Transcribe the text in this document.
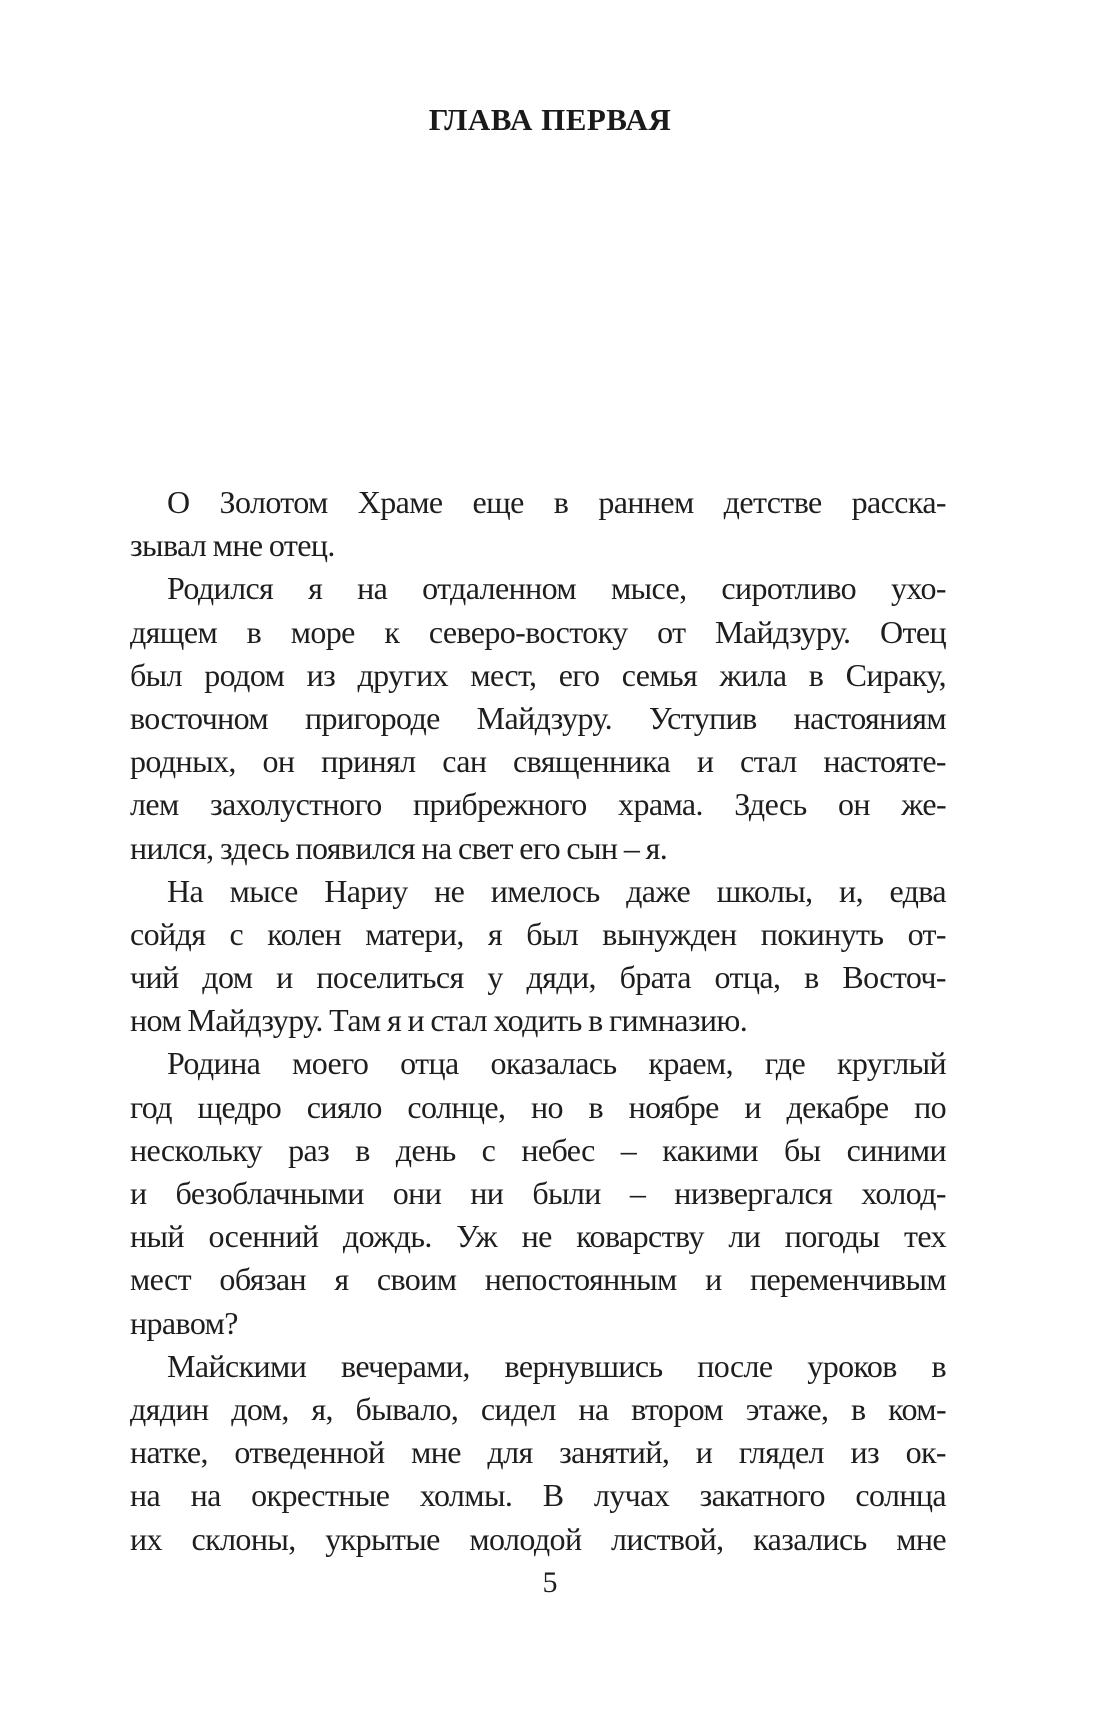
ГЛАВА ПЕРВАЯ
О Золотом Храме еще в раннем детстве расска-
зывал мне отец.
Родился я на отдаленном мысе, сиротливо ухо-
дящем в море к северо-востоку от Майдзуру. Отец
был родом из других мест, его семья жила в Сираку,
восточном пригороде Майдзуру. Уступив настояниям
родных, он принял сан священника и стал настояте-
лем захолустного прибрежного храма. Здесь он же-
нился, здесь появился на свет его сын – я.
На мысе Нариу не имелось даже школы, и, едва
сойдя с колен матери, я был вынужден покинуть от-
чий дом и поселиться у дяди, брата отца, в Восточ-
ном Майдзуру. Там я и стал ходить в гимназию.
Родина моего отца оказалась краем, где круглый
год щедро сияло солнце, но в ноябре и декабре по
нескольку раз в день с небес – какими бы синими
и безоблачными они ни были – низвергался холод-
ный осенний дождь. Уж не коварству ли погоды тех
мест обязан я своим непостоянным и переменчивым
нравом?
Майскими вечерами, вернувшись после уроков в
дядин дом, я, бывало, сидел на втором этаже, в ком-
натке, отведенной мне для занятий, и глядел из ок-
на на окрестные холмы. В лучах закатного солнца
их склоны, укрытые молодой листвой, казались мне
5
